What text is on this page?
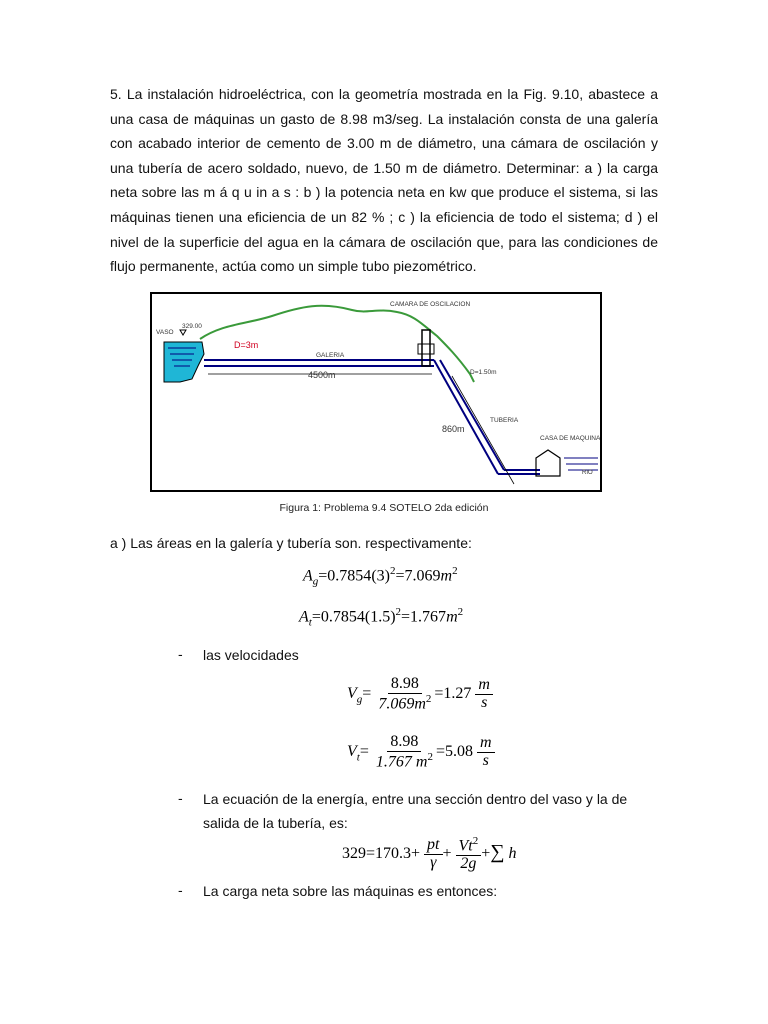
5. La instalación hidroeléctrica, con la geometría mostrada en la Fig. 9.10, abastece a una casa de máquinas un gasto de 8.98 m3/seg. La instalación consta de una galería con acabado interior de cemento de 3.00 m de diámetro, una cámara de oscilación y una tubería de acero soldado, nuevo, de 1.50 m de diámetro. Determinar: a ) la carga neta sobre las m á q u in a s : b ) la potencia neta en kw que produce el sistema, si las máquinas tienen una eficiencia de un 82 % ; c ) la eficiencia de todo el sistema; d ) el nivel de la superficie del agua en la cámara de oscilación que, para las condiciones de flujo permanente, actúa como un simple tubo piezométrico.
VASO
329.00
CAMARA DE OSCILACION
D=3m
GALERIA
4500m	D=1.50m
TUBERIA
860m
CASA DE MAQUINA
RIO
Figura 1: Problema 9.4 SOTELO 2da edición
a ) Las áreas en la galería y tubería son. respectivamente:
$A_g=0.7854(3)^2=7.069m^2$
$A_t=0.7854(1.5)^2=1.767m^2$
- las velocidades
$V_g= \frac{8.98}{7.069m^2} =1.27 \frac{m}{s}$
$V_t= \frac{8.98}{1.767 m^2} =5.08 \frac{m}{s}$
- La ecuación de la energía, entre una sección dentro del vaso y la de salida de la tubería, es:
$329=170.3+ \frac{pt}{\gamma} + \frac{Vt^2}{2g}$ +∑ h
- La carga neta sobre las máquinas es entonces:
